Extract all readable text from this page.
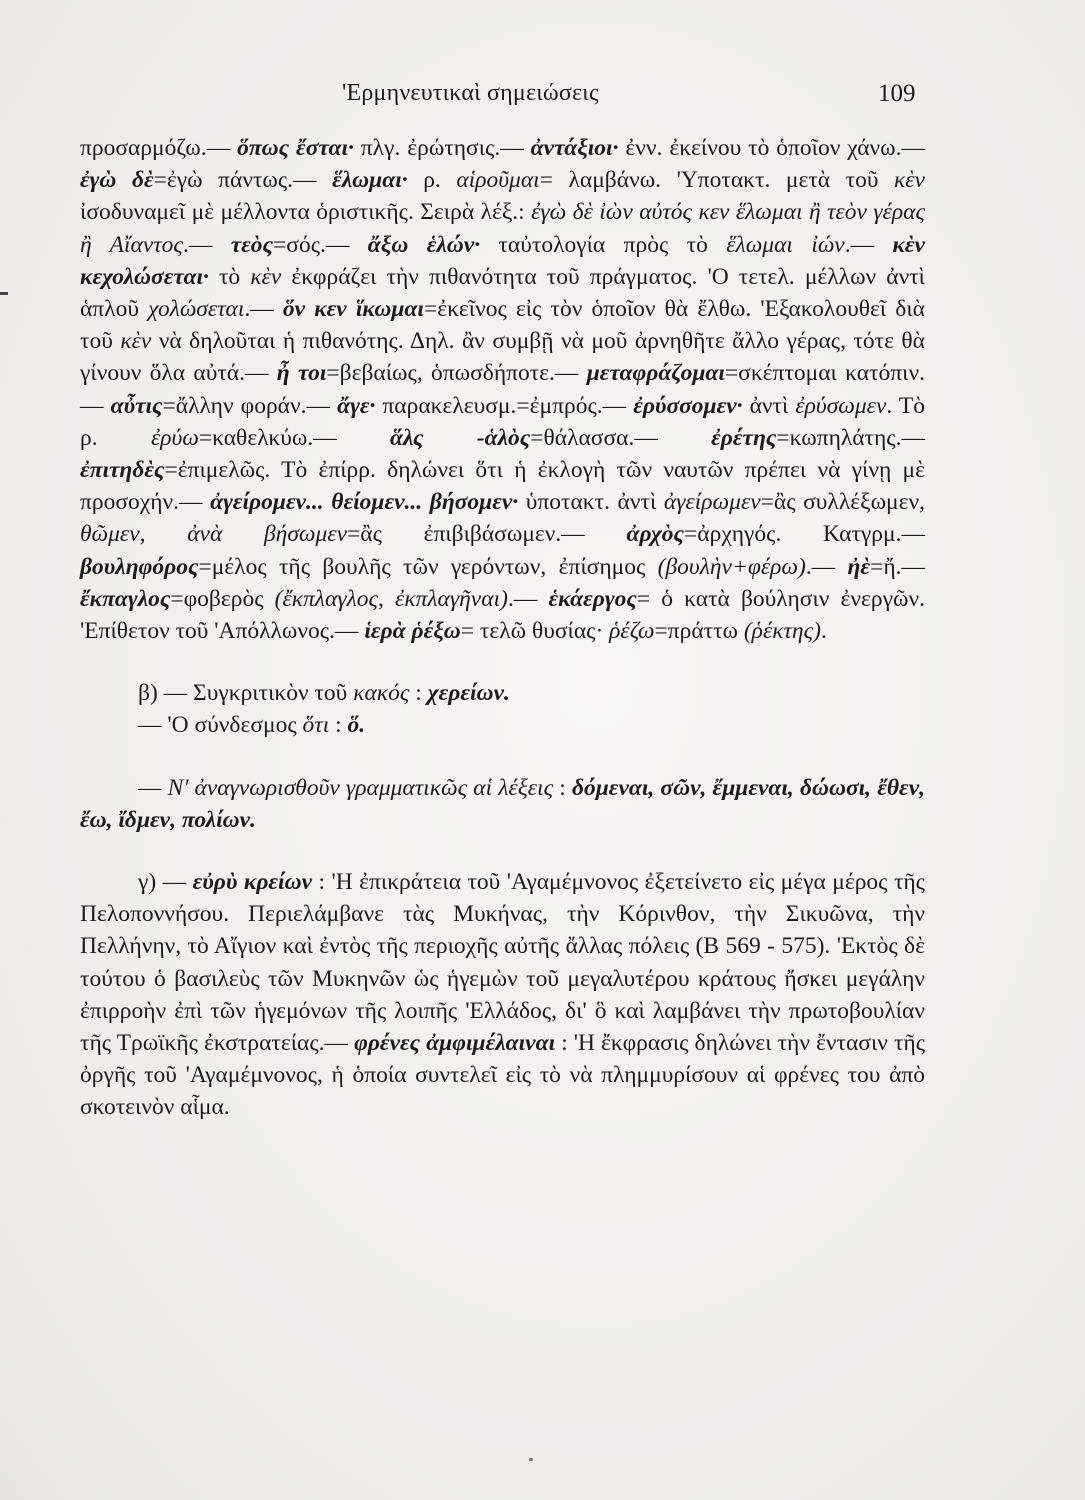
'Ερμηνευτικαὶ σημειώσεις	109

προσαρμόζω.— ὅπως ἔσται· πλγ. ἐρώτησις.— ἀντάξιοι· ἐνν. ἐκείνου τὸ ὁποῖον χάνω.— ἐγὼ δὲ=ἐγὼ πάντως.— ἕλωμαι· ρ. αἱροῦμαι= λαμβάνω. 'Υποτακτ. μετὰ τοῦ κὲν ἰσοδυναμεῖ μὲ μέλλοντα ὁριστικῆς. Σειρὰ λέξ.: ἐγὼ δὲ ἰὼν αὐτός κεν ἕλωμαι ἢ τεὸν γέρας ἢ Αἴαντος.— τεὸς=σός.— ἄξω ἑλών· ταὐτολογία πρὸς τὸ ἕλωμαι ἰών.— κὲν κεχολώσεται· τὸ κὲν ἐκφράζει τὴν πιθανότητα τοῦ πράγματος. 'Ο τετελ. μέλλων ἀντὶ ἁπλοῦ χολώσεται.— ὅν κεν ἵκωμαι=ἐκεῖνος εἰς τὸν ὁποῖον θὰ ἔλθω. 'Εξακολουθεῖ διὰ τοῦ κὲν νὰ δηλοῦται ἡ πιθανότης. Δηλ. ἂν συμβῇ νὰ μοῦ ἀρνηθῆτε ἄλλο γέρας, τότε θὰ γίνουν ὅλα αὐτά.— ἦ τοι=βεβαίως, ὁπωσδήποτε.— μεταφράζομαι=σκέπτομαι κατόπιν.— αὖτις=ἄλλην φοράν.— ἄγε· παρακελευσμ.=ἐμπρός.— ἐρύσσομεν· ἀντὶ ἐρύσωμεν. Τὸ ρ. ἐρύω=καθελκύω.— ἅλς -ἁλὸς=θάλασσα.— ἐρέτης=κωπηλάτης.— ἐπιτηδὲς=ἐπιμελῶς. Τὸ ἐπίρρ. δηλώνει ὅτι ἡ ἐκλογὴ τῶν ναυτῶν πρέπει νὰ γίνῃ μὲ προσοχήν.— ἀγείρομεν... θείομεν... βήσομεν· ὑποτακτ. ἀντὶ ἀγείρωμεν=ἂς συλλέξωμεν, θῶμεν, ἀνὰ βήσωμεν=ἂς ἐπιβιβάσωμεν.— ἀρχὸς=ἀρχηγός. Κατγρμ.— βουληφόρος=μέλος τῆς βουλῆς τῶν γερόντων, ἐπίσημος (βουλὴν+φέρω).— ἠὲ=ἤ.— ἔκπαγλος=φοβερὸς (ἔκπλαγλος, ἐκπλαγῆναι).— ἑκάεργος= ὁ κατὰ βούλησιν ἐνεργῶν. 'Επίθετον τοῦ 'Απόλλωνος.— ἱερὰ ῥέξω= τελῶ θυσίας· ῥέζω=πράττω (ῥέκτης).

β) — Συγκριτικὸν τοῦ κακός : χερείων.

— 'Ο σύνδεσμος ὅτι : ὅ.

— Ν' ἀναγνωρισθοῦν γραμματικῶς αἱ λέξεις : δόμεναι, σῶν, ἔμμεναι, δώωσι, ἔθεν, ἔω, ἴδμεν, πολίων.

γ) — εὐρὺ κρείων : 'Η ἐπικράτεια τοῦ 'Αγαμέμνονος ἐξετείνετο εἰς μέγα μέρος τῆς Πελοποννήσου. Περιελάμβανε τὰς Μυκήνας, τὴν Κόρινθον, τὴν Σικυῶνα, τὴν Πελλήνην, τὸ Αἴγιον καὶ ἐντὸς τῆς περιοχῆς αὐτῆς ἄλλας πόλεις (Β 569 - 575). 'Εκτὸς δὲ τούτου ὁ βασιλεὺς τῶν Μυκηνῶν ὡς ἡγεμὼν τοῦ μεγαλυτέρου κράτους ἤσκει μεγάλην ἐπιρροὴν ἐπὶ τῶν ἡγεμόνων τῆς λοιπῆς 'Ελλάδος, δι' ὃ καὶ λαμβάνει τὴν πρωτοβουλίαν τῆς Τρωϊκῆς ἐκστρατείας.— φρένες ἀμφιμέλαιναι : 'Η ἔκφρασις δηλώνει τὴν ἔντασιν τῆς ὀργῆς τοῦ 'Αγαμέμνονος, ἡ ὁποία συντελεῖ εἰς τὸ νὰ πλημμυρίσουν αἱ φρένες του ἀπὸ σκοτεινὸν αἷμα.
